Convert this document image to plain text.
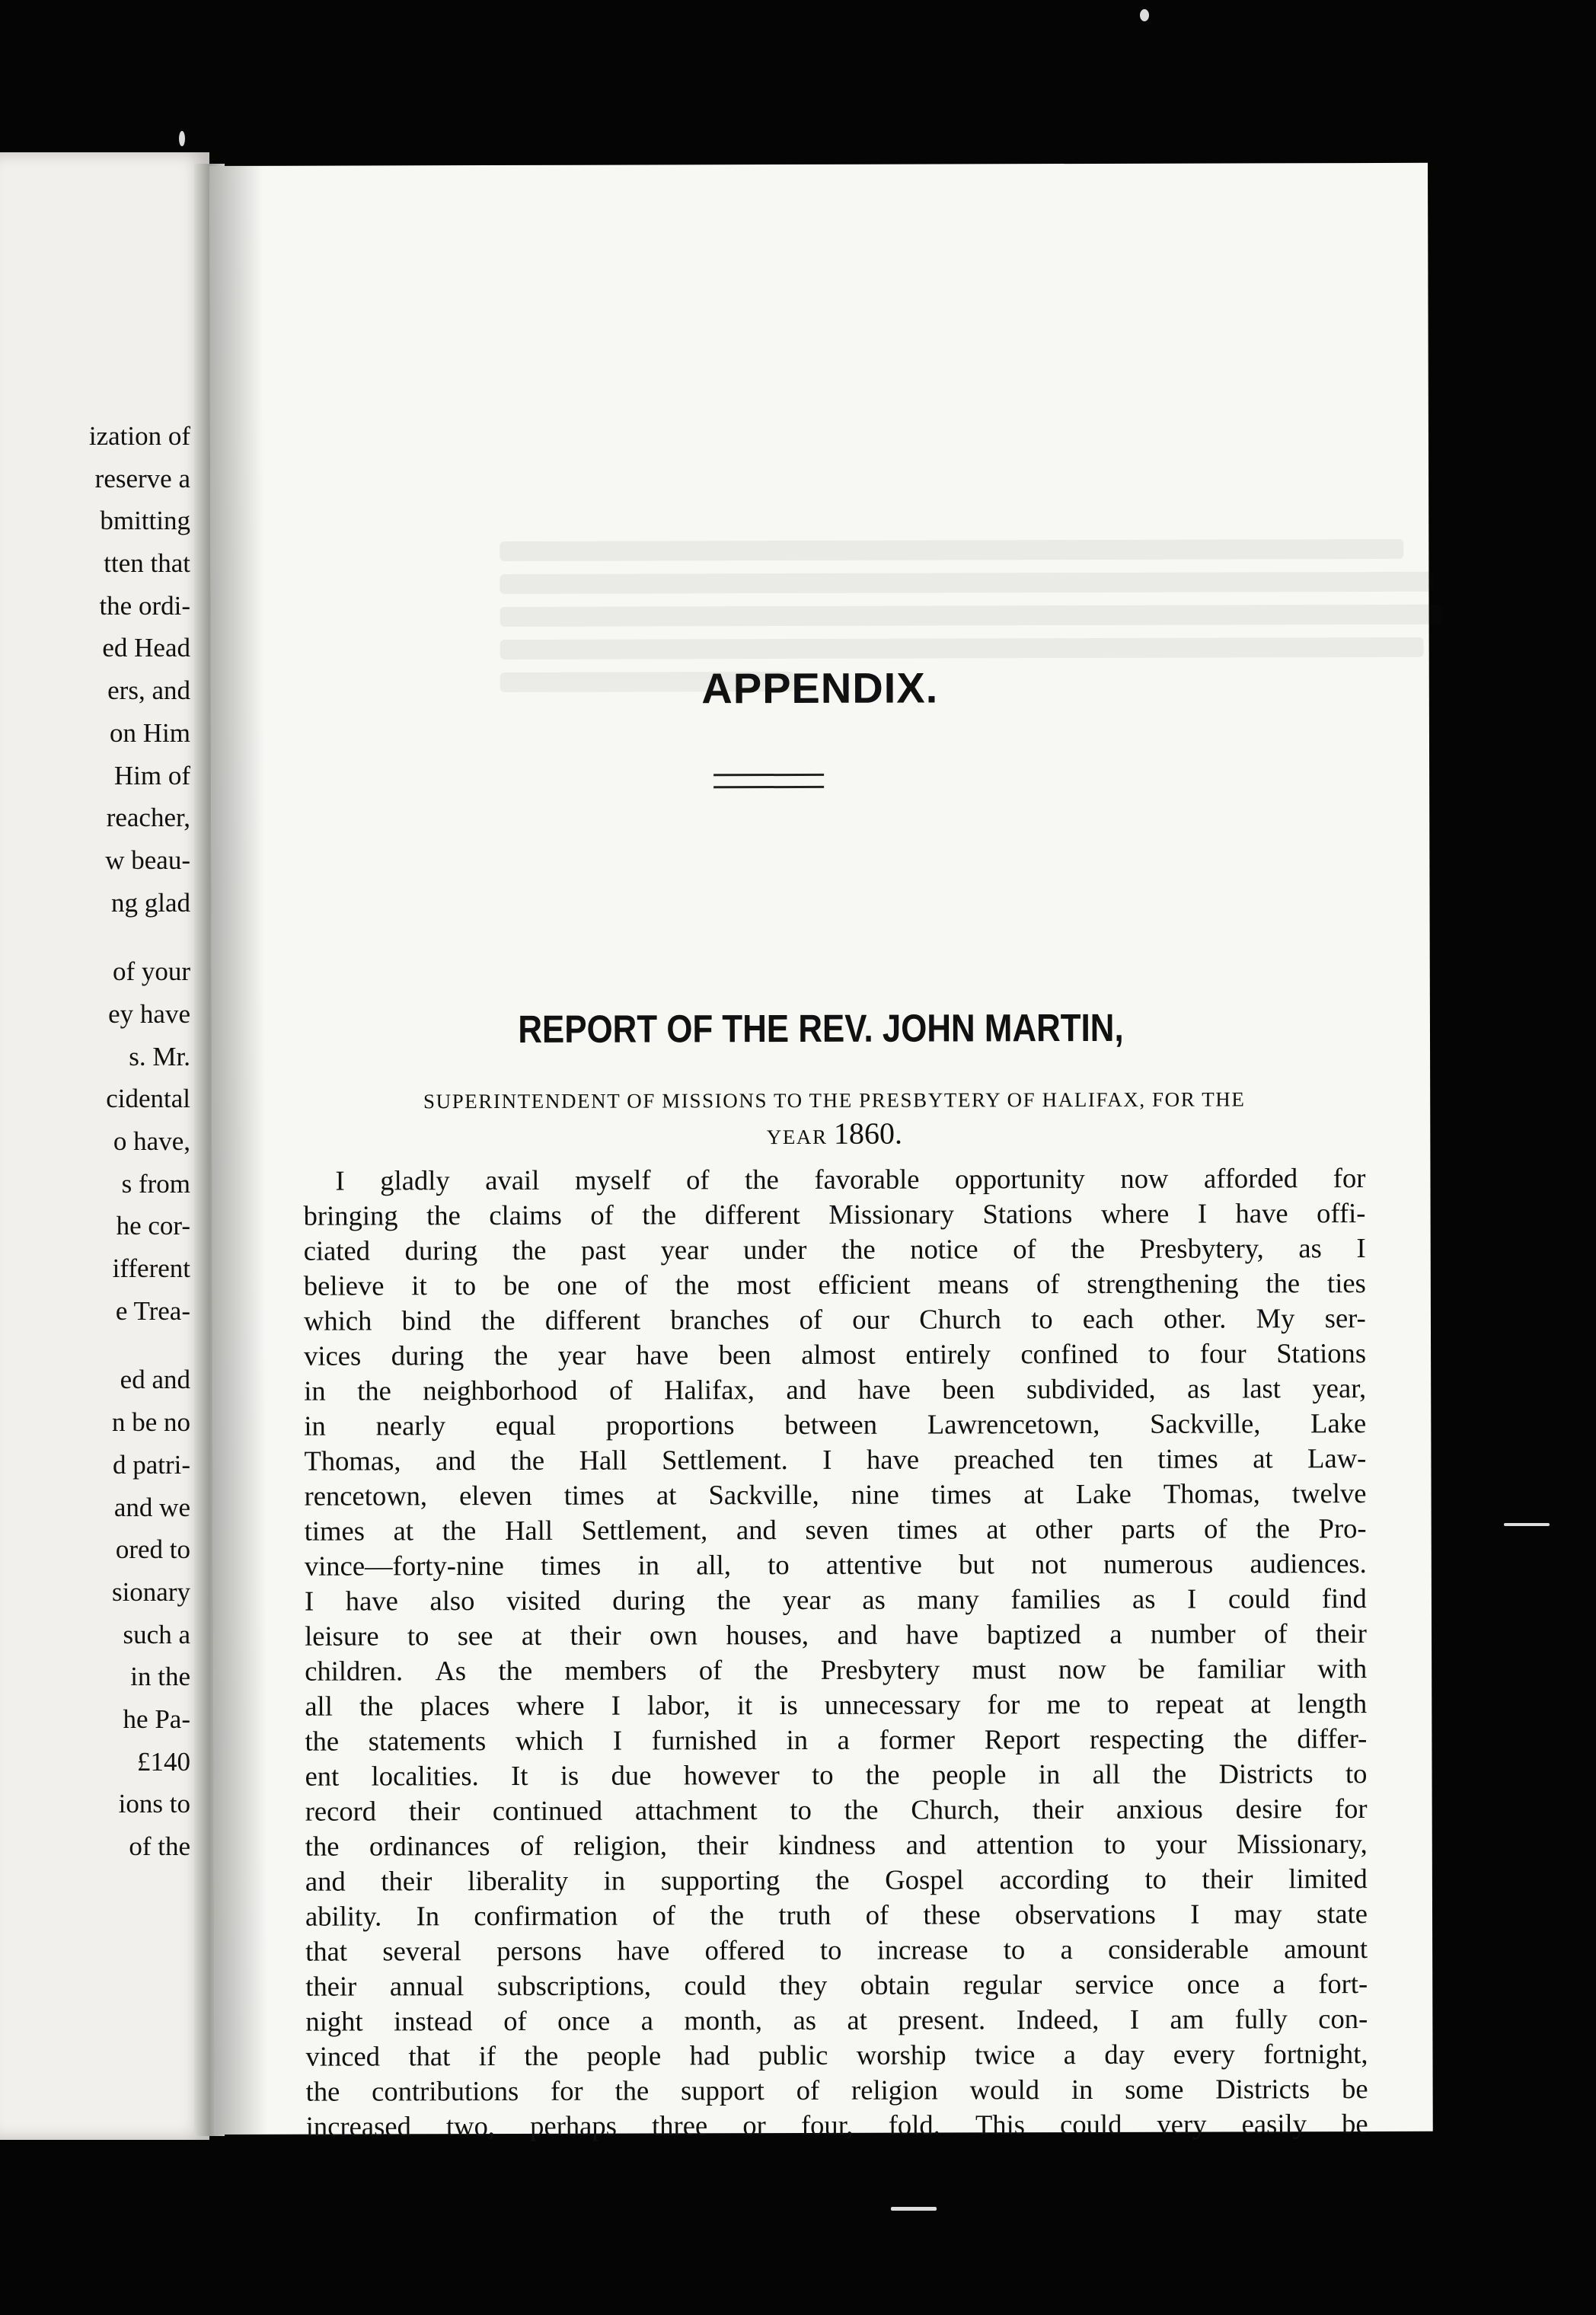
ization of
reserve a
bmitting
tten that
the ordi-
ed Head
ers, and
on Him
Him of
reacher,
w beau-
ng glad
of your
ey have
s. Mr.
cidental
o have,
s from
he cor-
ifferent
e Trea-
ed and
n be no
d patri-
and we
ored to
sionary
such a
in the
he Pa-
£140
ions to
of the
APPENDIX.
REPORT OF THE REV. JOHN MARTIN,
SUPERINTENDENT OF MISSIONS TO THE PRESBYTERY OF HALIFAX, FOR THE
YEAR 1860.
I gladly avail myself of the favorable opportunity now afforded for
bringing the claims of the different Missionary Stations where I have offi-
ciated during the past year under the notice of the Presbytery, as I
believe it to be one of the most efficient means of strengthening the ties
which bind the different branches of our Church to each other. My ser-
vices during the year have been almost entirely confined to four Stations
in the neighborhood of Halifax, and have been subdivided, as last year,
in nearly equal proportions between Lawrencetown, Sackville, Lake
Thomas, and the Hall Settlement. I have preached ten times at Law-
rencetown, eleven times at Sackville, nine times at Lake Thomas, twelve
times at the Hall Settlement, and seven times at other parts of the Pro-
vince—forty-nine times in all, to attentive but not numerous audiences.
I have also visited during the year as many families as I could find
leisure to see at their own houses, and have baptized a number of their
children. As the members of the Presbytery must now be familiar with
all the places where I labor, it is unnecessary for me to repeat at length
the statements which I furnished in a former Report respecting the differ-
ent localities. It is due however to the people in all the Districts to
record their continued attachment to the Church, their anxious desire for
the ordinances of religion, their kindness and attention to your Missionary,
and their liberality in supporting the Gospel according to their limited
ability. In confirmation of the truth of these observations I may state
that several persons have offered to increase to a considerable amount
their annual subscriptions, could they obtain regular service once a fort-
night instead of once a month, as at present. Indeed, I am fully con-
vinced that if the people had public worship twice a day every fortnight,
the contributions for the support of religion would in some Districts be
increased two, perhaps three or four, fold. This could very easily be
